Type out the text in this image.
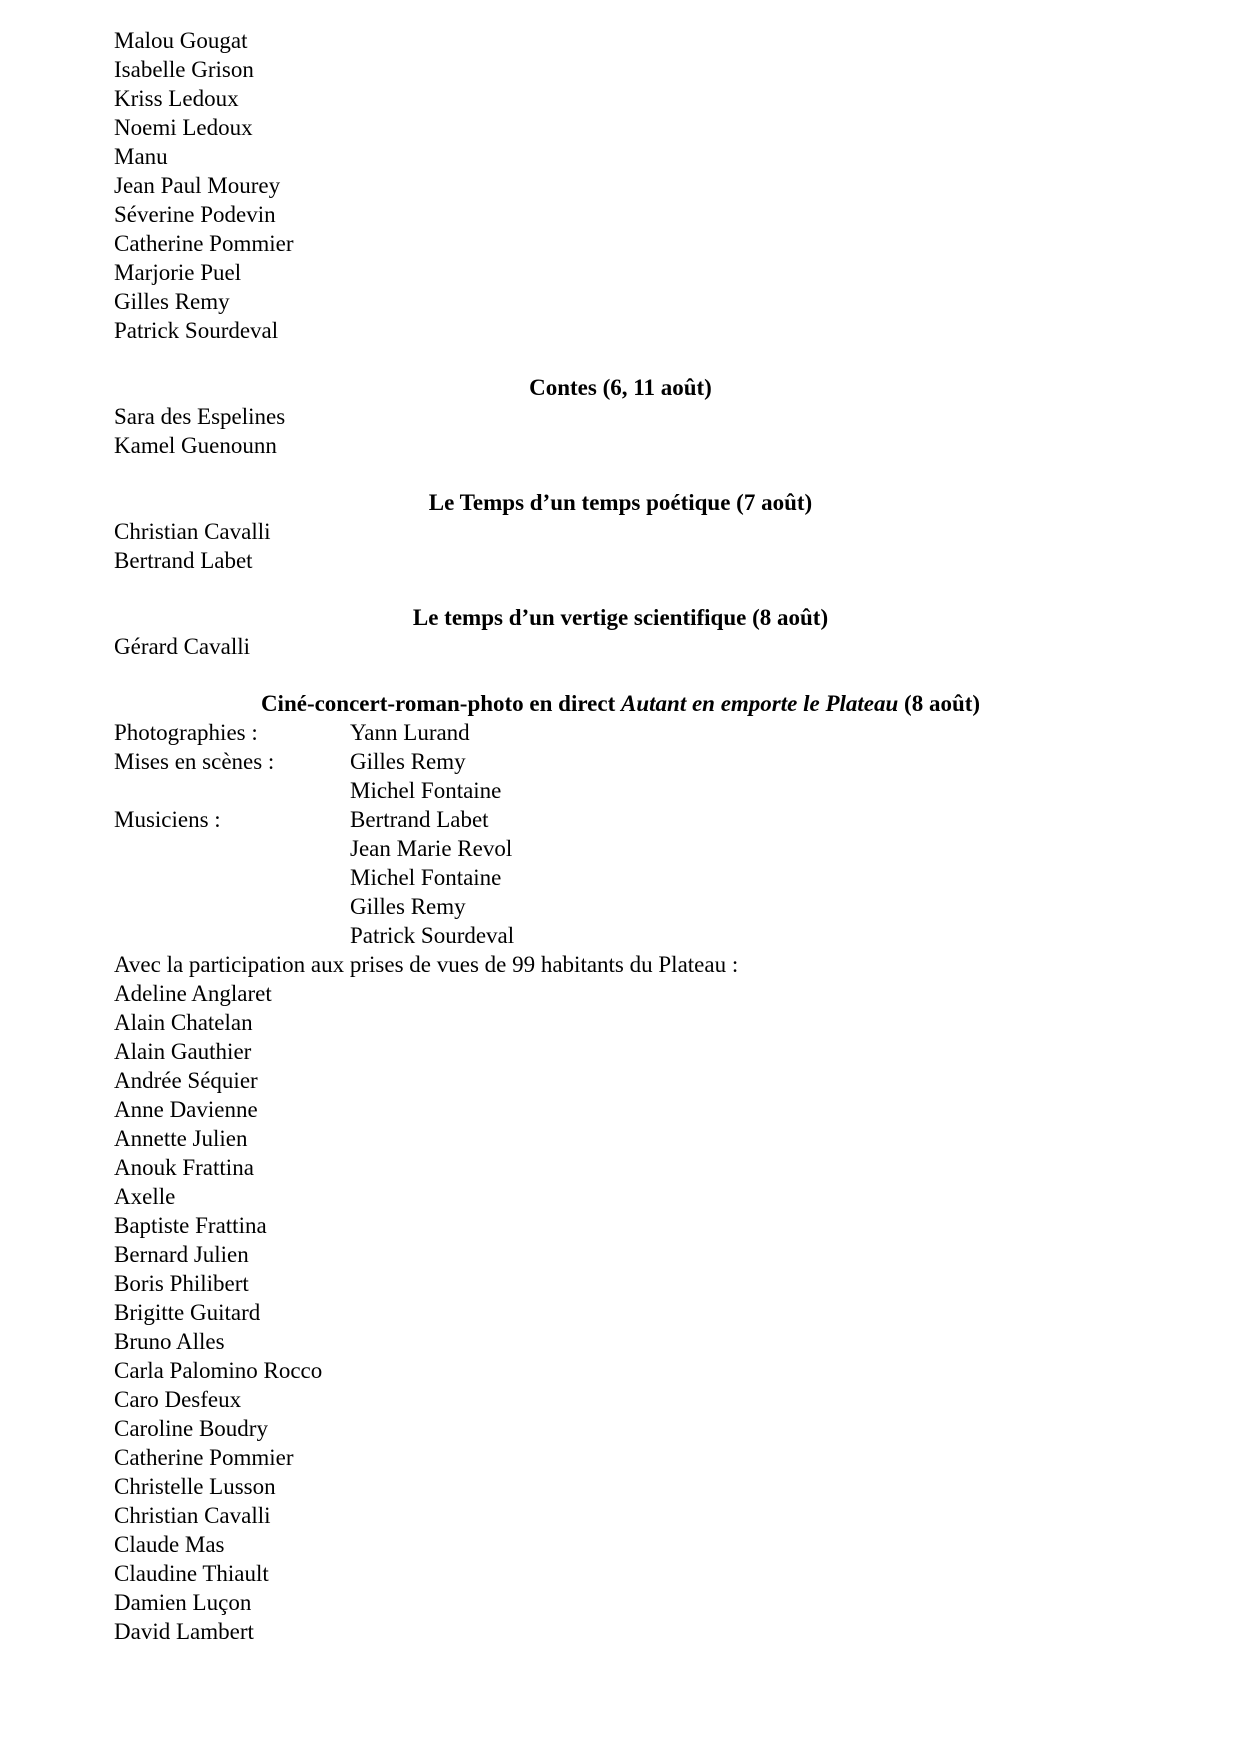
Malou Gougat
Isabelle Grison
Kriss Ledoux
Noemi Ledoux
Manu
Jean Paul Mourey
Séverine Podevin
Catherine Pommier
Marjorie Puel
Gilles Remy
Patrick Sourdeval
Contes (6, 11 août)
Sara des Espelines
Kamel Guenounn
Le Temps d’un temps poétique (7 août)
Christian Cavalli
Bertrand Labet
Le temps d’un vertige scientifique (8 août)
Gérard Cavalli
Ciné-concert-roman-photo en direct Autant en emporte le Plateau (8 août)
Photographies :	Yann Lurand
Mises en scènes :	Gilles Remy
Michel Fontaine
Musiciens :	Bertrand Labet
Jean Marie Revol
Michel Fontaine
Gilles Remy
Patrick Sourdeval
Avec la participation aux prises de vues de 99 habitants du Plateau :
Adeline Anglaret
Alain Chatelan
Alain Gauthier
Andrée Séquier
Anne Davienne
Annette Julien
Anouk Frattina
Axelle
Baptiste Frattina
Bernard Julien
Boris Philibert
Brigitte Guitard
Bruno Alles
Carla Palomino Rocco
Caro Desfeux
Caroline Boudry
Catherine Pommier
Christelle Lusson
Christian Cavalli
Claude Mas
Claudine Thiault
Damien Luçon
David Lambert
